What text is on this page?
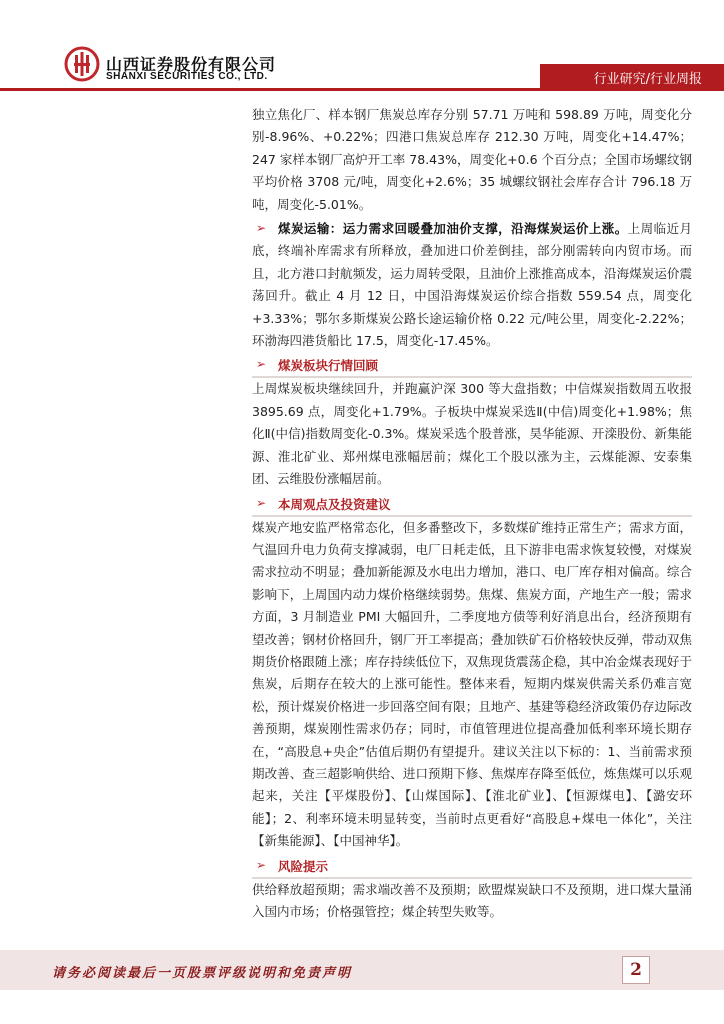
山西证券股份有限公司
SHANXI SECURITIES CO., LTD.	行业研究/行业周报

独立焦化厂、样本钢厂焦炭总库存分别 57.71 万吨和 598.89 万吨，周变化分别-8.96%、+0.22%；四港口焦炭总库存 212.30 万吨，周变化+14.47%；247 家样本钢厂高炉开工率 78.43%，周变化+0.6 个百分点；全国市场螺纹钢平均价格 3708 元/吨，周变化+2.6%；35 城螺纹钢社会库存合计 796.18 万吨，周变化-5.01%。

➢ 煤炭运输：运力需求回暖叠加油价支撑，沿海煤炭运价上涨。上周临近月底，终端补库需求有所释放，叠加进口价差倒挂，部分刚需转向内贸市场。而且，北方港口封航频发，运力周转受限，且油价上涨推高成本，沿海煤炭运价震荡回升。截止 4 月 12 日，中国沿海煤炭运价综合指数 559.54 点，周变化+3.33%；鄂尔多斯煤炭公路长途运输价格 0.22 元/吨公里，周变化-2.22%；环渤海四港货船比 17.5，周变化-17.45%。

➢ 煤炭板块行情回顾

上周煤炭板块继续回升，并跑赢沪深 300 等大盘指数；中信煤炭指数周五收报 3895.69 点，周变化+1.79%。子板块中煤炭采选Ⅱ(中信)周变化+1.98%；焦化Ⅱ(中信)指数周变化-0.3%。煤炭采选个股普涨，昊华能源、开滦股份、新集能源、淮北矿业、郑州煤电涨幅居前；煤化工个股以涨为主，云煤能源、安泰集团、云维股份涨幅居前。

➢ 本周观点及投资建议

煤炭产地安监严格常态化，但多番整改下，多数煤矿维持正常生产；需求方面，气温回升电力负荷支撑减弱，电厂日耗走低，且下游非电需求恢复较慢，对煤炭需求拉动不明显；叠加新能源及水电出力增加，港口、电厂库存相对偏高。综合影响下，上周国内动力煤价格继续弱势。焦煤、焦炭方面，产地生产一般；需求方面，3 月制造业 PMI 大幅回升，二季度地方债等利好消息出台，经济预期有望改善；钢材价格回升，钢厂开工率提高；叠加铁矿石价格较快反弹，带动双焦期货价格跟随上涨；库存持续低位下，双焦现货震荡企稳，其中冶金煤表现好于焦炭，后期存在较大的上涨可能性。整体来看，短期内煤炭供需关系仍难言宽松，预计煤炭价格进一步回落空间有限；且地产、基建等稳经济政策仍存边际改善预期，煤炭刚性需求仍存；同时，市值管理进位提高叠加低利率环境长期存在，“高股息+央企”估值后期仍有望提升。建议关注以下标的：1、当前需求预期改善、查三超影响供给、进口预期下修、焦煤库存降至低位，炼焦煤可以乐观起来，关注【平煤股份】、【山煤国际】、【淮北矿业】、【恒源煤电】、【潞安环能】；2、利率环境未明显转变，当前时点更看好“高股息+煤电一体化”，关注【新集能源】、【中国神华】。

➢ 风险提示

供给释放超预期；需求端改善不及预期；欧盟煤炭缺口不及预期，进口煤大量涌入国内市场；价格强管控；煤企转型失败等。

请务必阅读最后一页股票评级说明和免责声明	2
